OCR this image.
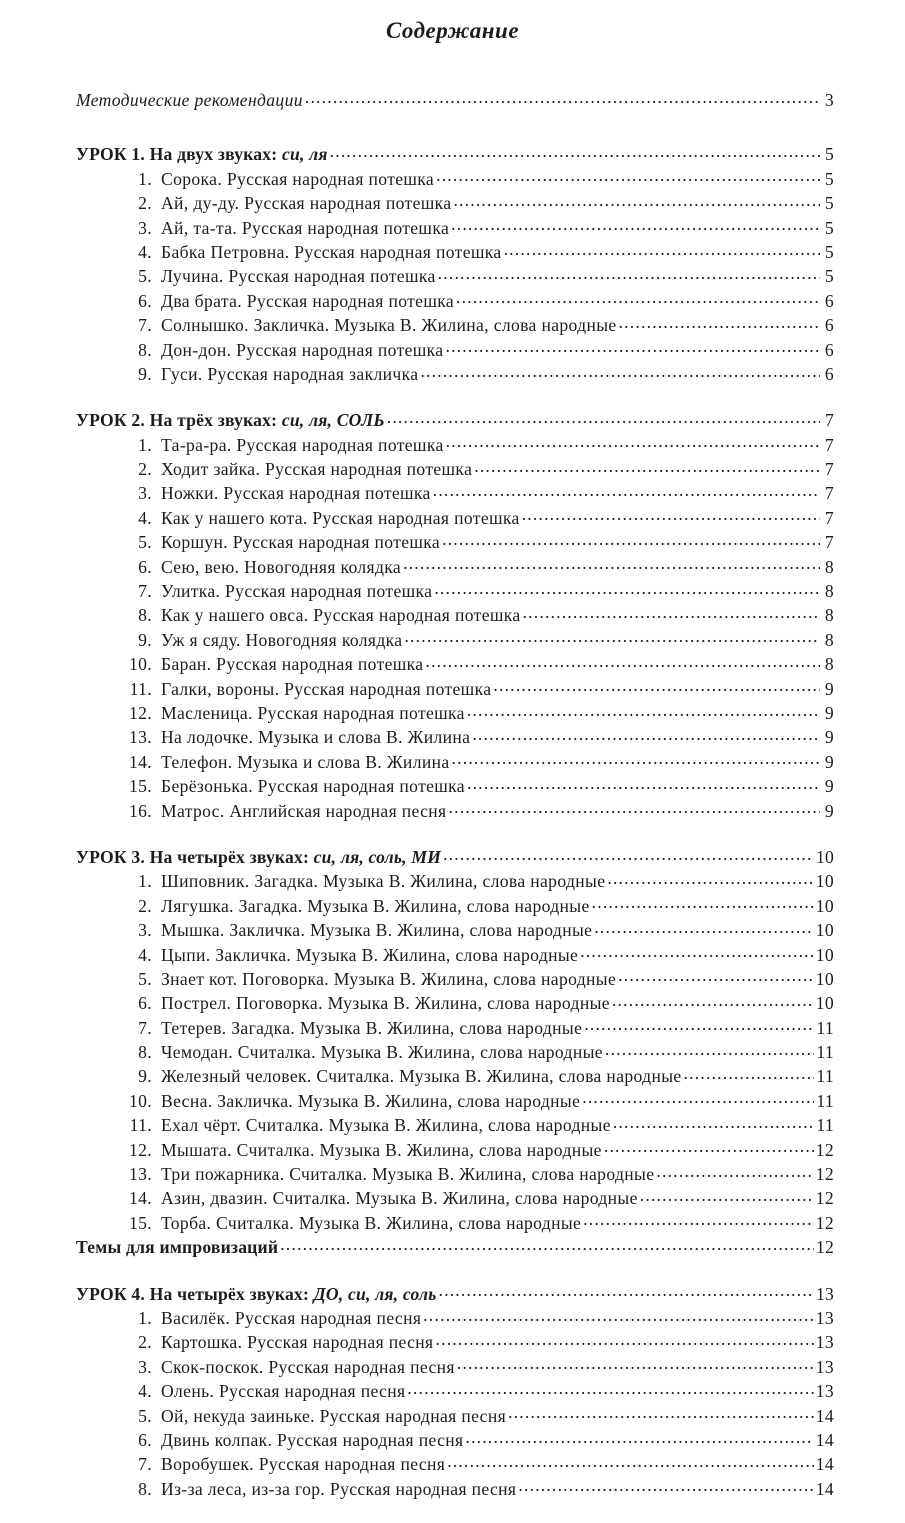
Содержание
Методические рекомендации .....	3
УРОК 1. На двух звуках: си, ля .....	5
1. Сорока. Русская народная потешка .....	5
2. Ай, ду-ду. Русская народная потешка .....	5
3. Ай, та-та. Русская народная потешка .....	5
4. Бабка Петровна. Русская народная потешка .....	5
5. Лучина. Русская народная потешка .....	5
6. Два брата. Русская народная потешка .....	6
7. Солнышко. Закличка. Музыка В. Жилина, слова народные .....	6
8. Дон-дон. Русская народная потешка .....	6
9. Гуси. Русская народная закличка .....	6
УРОК 2. На трёх звуках: си, ля, СОЛЬ .....	7
1. Та-ра-ра. Русская народная потешка .....	7
2. Ходит зайка. Русская народная потешка .....	7
3. Ножки. Русская народная потешка .....	7
4. Как у нашего кота. Русская народная потешка .....	7
5. Коршун. Русская народная потешка .....	7
6. Сею, вею. Новогодняя колядка .....	8
7. Улитка. Русская народная потешка .....	8
8. Как у нашего овса. Русская народная потешка .....	8
9. Уж я сяду. Новогодняя колядка .....	8
10. Баран. Русская народная потешка .....	8
11. Галки, вороны. Русская народная потешка .....	9
12. Масленица. Русская народная потешка .....	9
13. На лодочке. Музыка и слова В. Жилина .....	9
14. Телефон. Музыка и слова В. Жилина .....	9
15. Берёзонька. Русская народная потешка .....	9
16. Матрос. Английская народная песня .....	9
УРОК 3. На четырёх звуках: си, ля, соль, МИ .....	10
1. Шиповник. Загадка. Музыка В. Жилина, слова народные .....	10
2. Лягушка. Загадка. Музыка В. Жилина, слова народные .....	10
3. Мышка. Закличка. Музыка В. Жилина, слова народные .....	10
4. Цыпи. Закличка. Музыка В. Жилина, слова народные .....	10
5. Знает кот. Поговорка. Музыка В. Жилина, слова народные .....	10
6. Пострел. Поговорка. Музыка В. Жилина, слова народные .....	10
7. Тетерев. Загадка. Музыка В. Жилина, слова народные .....	11
8. Чемодан. Считалка. Музыка В. Жилина, слова народные .....	11
9. Железный человек. Считалка. Музыка В. Жилина, слова народные .....	11
10. Весна. Закличка. Музыка В. Жилина, слова народные .....	11
11. Ехал чёрт. Считалка. Музыка В. Жилина, слова народные .....	11
12. Мышата. Считалка. Музыка В. Жилина, слова народные .....	12
13. Три пожарника. Считалка. Музыка В. Жилина, слова народные .....	12
14. Азин, двазин. Считалка. Музыка В. Жилина, слова народные .....	12
15. Торба. Считалка. Музыка В. Жилина, слова народные .....	12
Темы для импровизаций .....	12
УРОК 4. На четырёх звуках: ДО, си, ля, соль .....	13
1. Василёк. Русская народная песня .....	13
2. Картошка. Русская народная песня .....	13
3. Скок-поскок. Русская народная песня .....	13
4. Олень. Русская народная песня .....	13
5. Ой, некуда заиньке. Русская народная песня .....	14
6. Двинь колпак. Русская народная песня .....	14
7. Воробушек. Русская народная песня .....	14
8. Из-за леса, из-за гор. Русская народная песня .....	14
